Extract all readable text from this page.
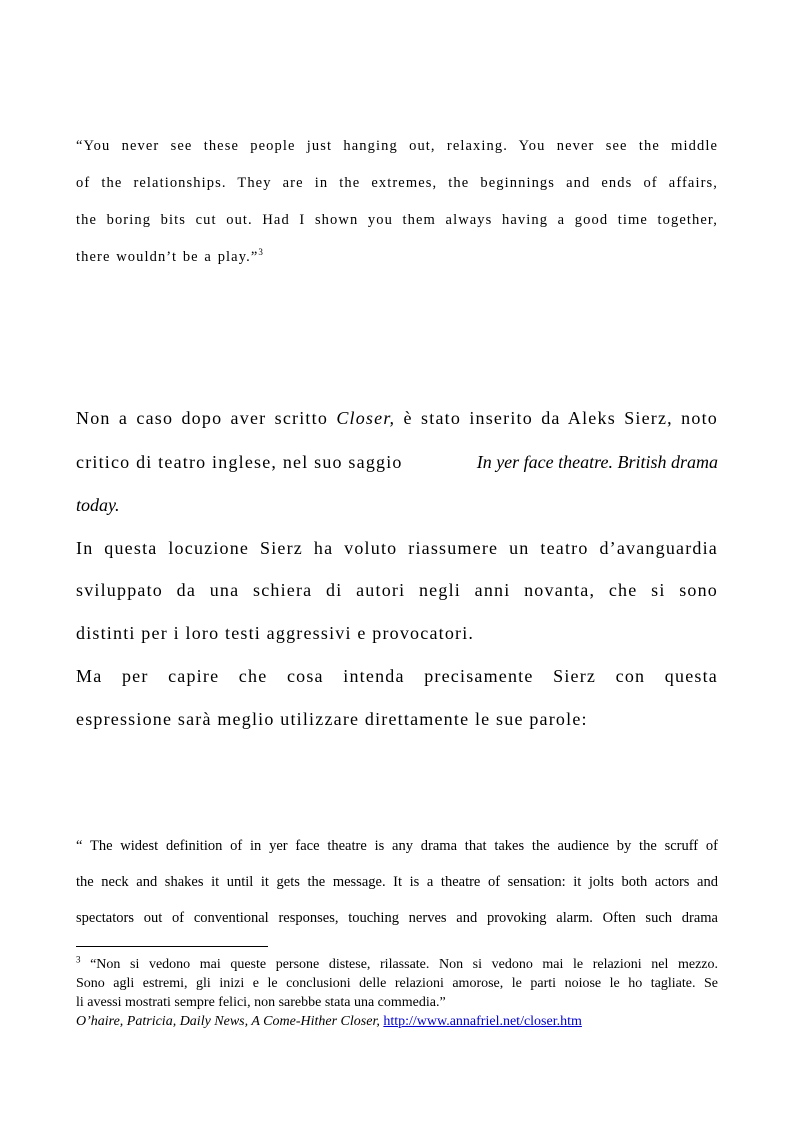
“You never see these people just hanging out, relaxing. You never see the middle
of the relationships. They are in the extremes, the beginnings and ends of affairs,
the boring bits cut out. Had I shown you them always having a good time together,
there wouldn’t be a play.”$^3$
Non a caso dopo aver scritto Closer, è stato inserito da Aleks Sierz, noto
critico di teatro inglese, nel suo saggio	In yer face theatre. British drama
today.
In questa locuzione Sierz ha voluto riassumere un teatro d’avanguardia
sviluppato da una schiera di autori negli anni novanta, che si sono
distinti per i loro testi aggressivi e provocatori.
Ma per capire che cosa intenda precisamente Sierz con questa
espressione sarà meglio utilizzare direttamente le sue parole:
“ The widest definition of in yer face theatre is any drama that takes the audience by the scruff of
the neck and shakes it until it gets the message. It is a theatre of sensation: it jolts both actors and
spectators out of conventional responses, touching nerves and provoking alarm. Often such drama
$^3$ “Non si vedono mai queste persone distese, rilassate. Non si vedono mai le relazioni nel mezzo.
Sono agli estremi, gli inizi e le conclusioni delle relazioni amorose, le parti noiose le ho tagliate. Se
li avessi mostrati sempre felici, non sarebbe stata una commedia.”
O’haire, Patricia, Daily News, A Come-Hither Closer, http://www.annafriel.net/closer.htm
